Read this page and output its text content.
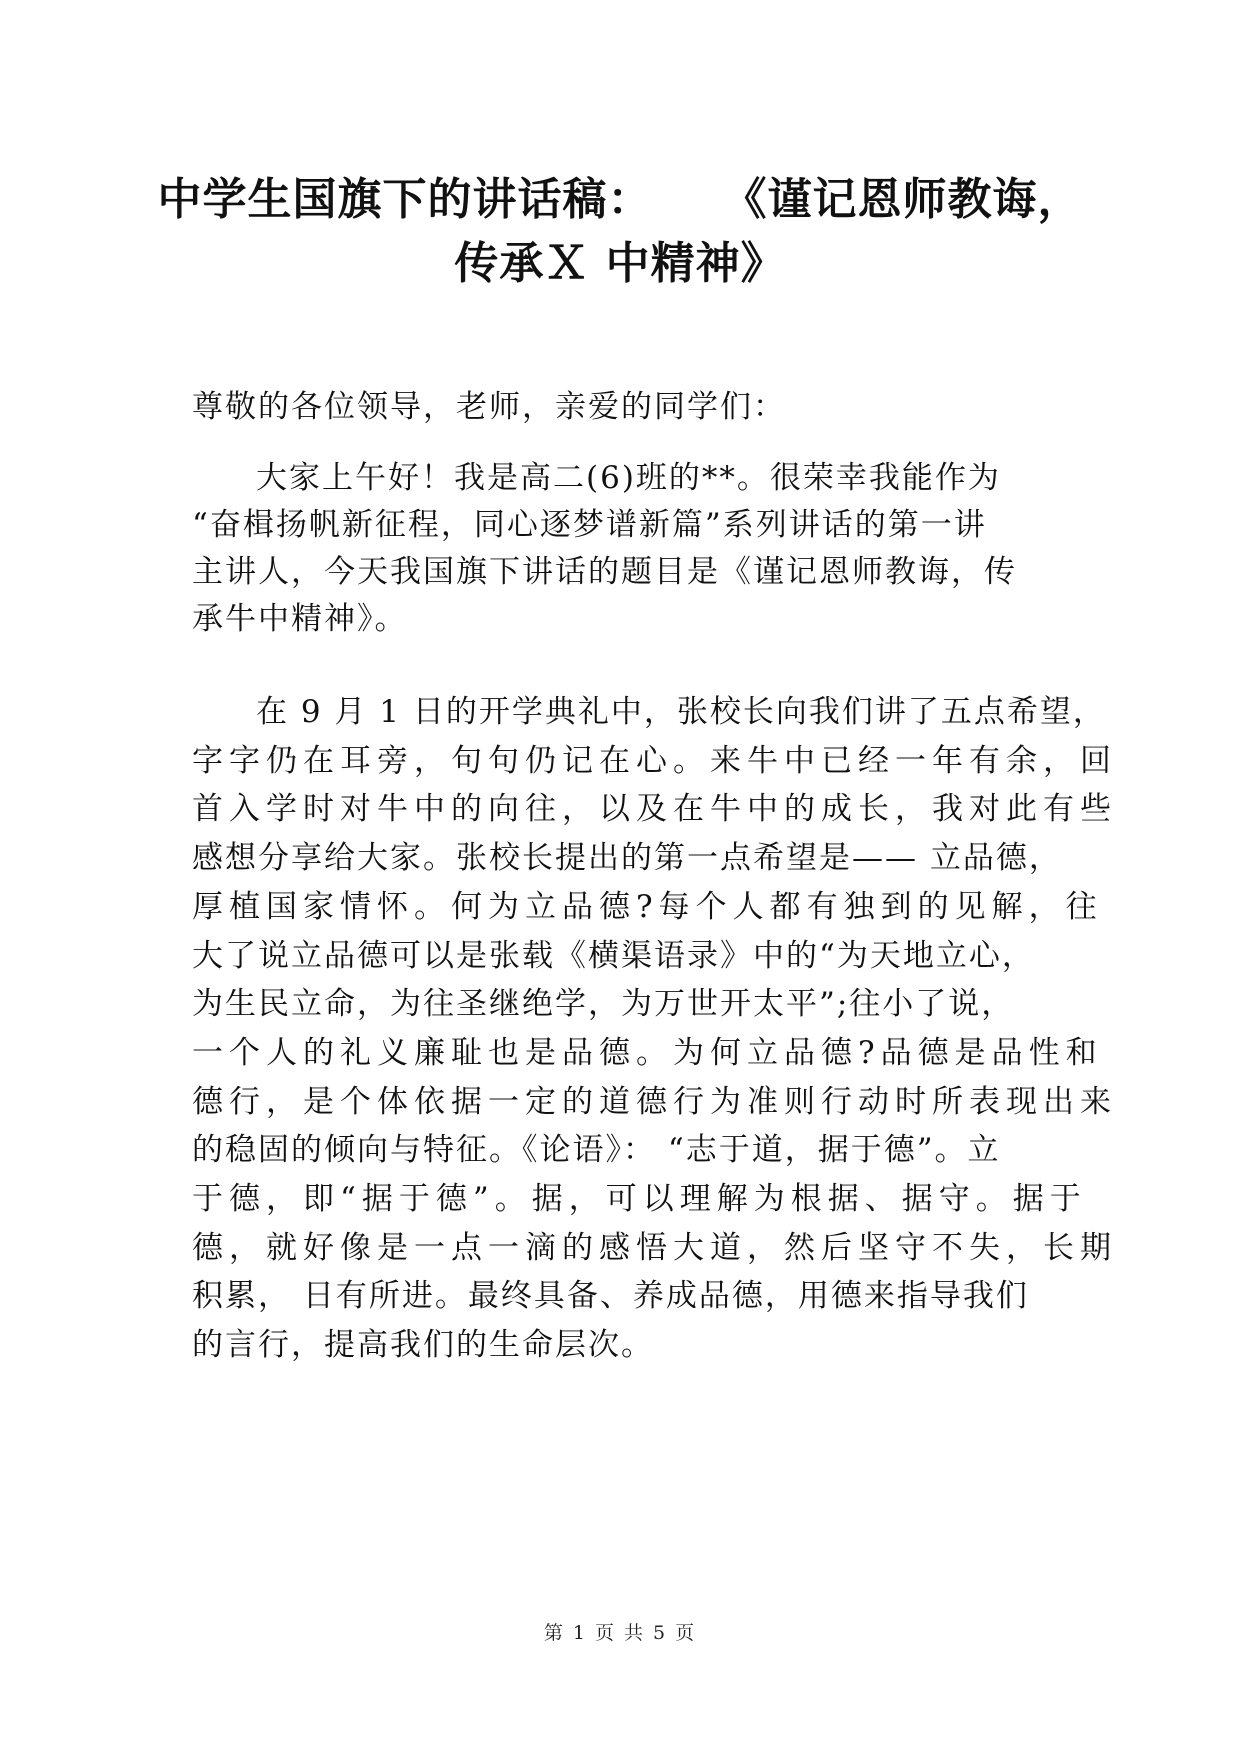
中学生国旗下的讲话稿： 《谨记恩师教诲，
传承Ｘ 中精神》
尊敬的各位领导，老师，亲爱的同学们：
大家上午好！我是高二(6)班的**。很荣幸我能作为
“奋楫扬帆新征程，同心逐梦谱新篇”系列讲话的第一讲
主讲人，今天我国旗下讲话的题目是《谨记恩师教诲，传
承牛中精神》。
在 9 月 1 日的开学典礼中，张校长向我们讲了五点希望，
字字仍在耳旁，句句仍记在心。来牛中已经一年有余，回
首入学时对牛中的向往，以及在牛中的成长，我对此有些
感想分享给大家。张校长提出的第一点希望是—— 立品德，
厚植国家情怀。何为立品德?每个人都有独到的见解，往
大了说立品德可以是张载《横渠语录》中的“为天地立心，
为生民立命，为往圣继绝学，为万世开太平”;往小了说，
一个人的礼义廉耻也是品德。为何立品德?品德是品性和
德行，是个体依据一定的道德行为准则行动时所表现出来
的稳固的倾向与特征。《论语》： “志于道，据于德”。立
于德，即“据于德”。据，可以理解为根据、据守。据于
德，就好像是一点一滴的感悟大道，然后坚守不失，长期
积累， 日有所进。最终具备、养成品德，用德来指导我们
的言行，提高我们的生命层次。
第 1 页 共 5 页
